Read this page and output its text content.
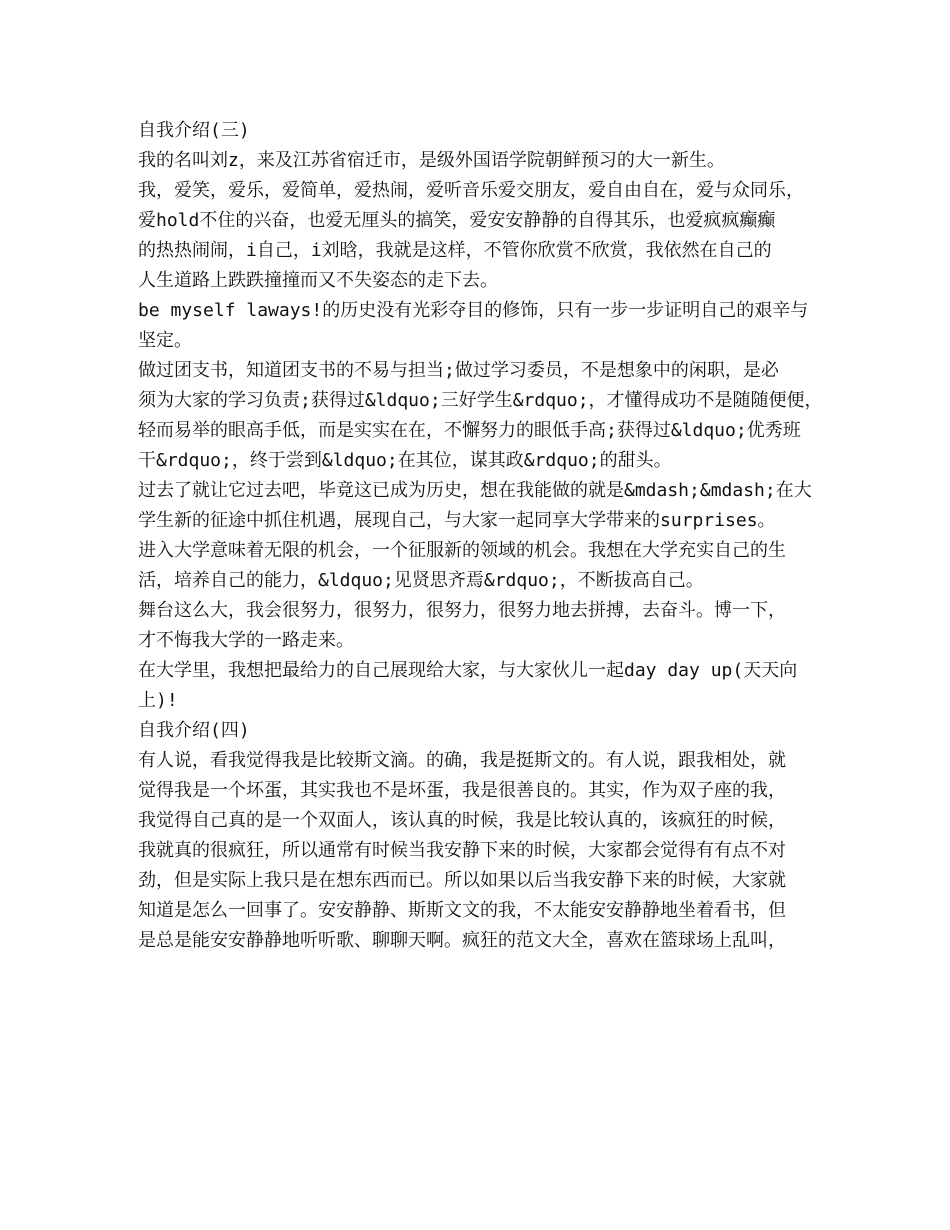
自我介绍(三)
我的名叫刘z，来及江苏省宿迁市，是级外国语学院朝鲜预习的大一新生。
我，爱笑，爱乐，爱简单，爱热闹，爱听音乐爱交朋友，爱自由自在，爱与众同乐，
爱hold不住的兴奋，也爱无厘头的搞笑，爱安安静静的自得其乐，也爱疯疯癫癫
的热热闹闹，i自己，i刘晗，我就是这样，不管你欣赏不欣赏，我依然在自己的
人生道路上跌跌撞撞而又不失姿态的走下去。
be myself laways!的历史没有光彩夺目的修饰，只有一步一步证明自己的艰辛与
坚定。
做过团支书，知道团支书的不易与担当;做过学习委员，不是想象中的闲职，是必
须为大家的学习负责;获得过&ldquo;三好学生&rdquo;，才懂得成功不是随随便便，
轻而易举的眼高手低，而是实实在在，不懈努力的眼低手高;获得过&ldquo;优秀班
干&rdquo;，终于尝到&ldquo;在其位，谋其政&rdquo;的甜头。
过去了就让它过去吧，毕竟这已成为历史，想在我能做的就是&mdash;&mdash;在大
学生新的征途中抓住机遇，展现自己，与大家一起同享大学带来的surprises。
进入大学意味着无限的机会，一个征服新的领域的机会。我想在大学充实自己的生
活，培养自己的能力，&ldquo;见贤思齐焉&rdquo;，不断拔高自己。
舞台这么大，我会很努力，很努力，很努力，很努力地去拼搏，去奋斗。博一下，
才不悔我大学的一路走来。
在大学里，我想把最给力的自己展现给大家，与大家伙儿一起day day up(天天向
上)!
自我介绍(四)
有人说，看我觉得我是比较斯文滴。的确，我是挺斯文的。有人说，跟我相处，就
觉得我是一个坏蛋，其实我也不是坏蛋，我是很善良的。其实，作为双子座的我，
我觉得自己真的是一个双面人，该认真的时候，我是比较认真的，该疯狂的时候，
我就真的很疯狂，所以通常有时候当我安静下来的时候，大家都会觉得有有点不对
劲，但是实际上我只是在想东西而已。所以如果以后当我安静下来的时候，大家就
知道是怎么一回事了。安安静静、斯斯文文的我，不太能安安静静地坐着看书，但
是总是能安安静静地听听歌、聊聊天啊。疯狂的范文大全，喜欢在篮球场上乱叫，
